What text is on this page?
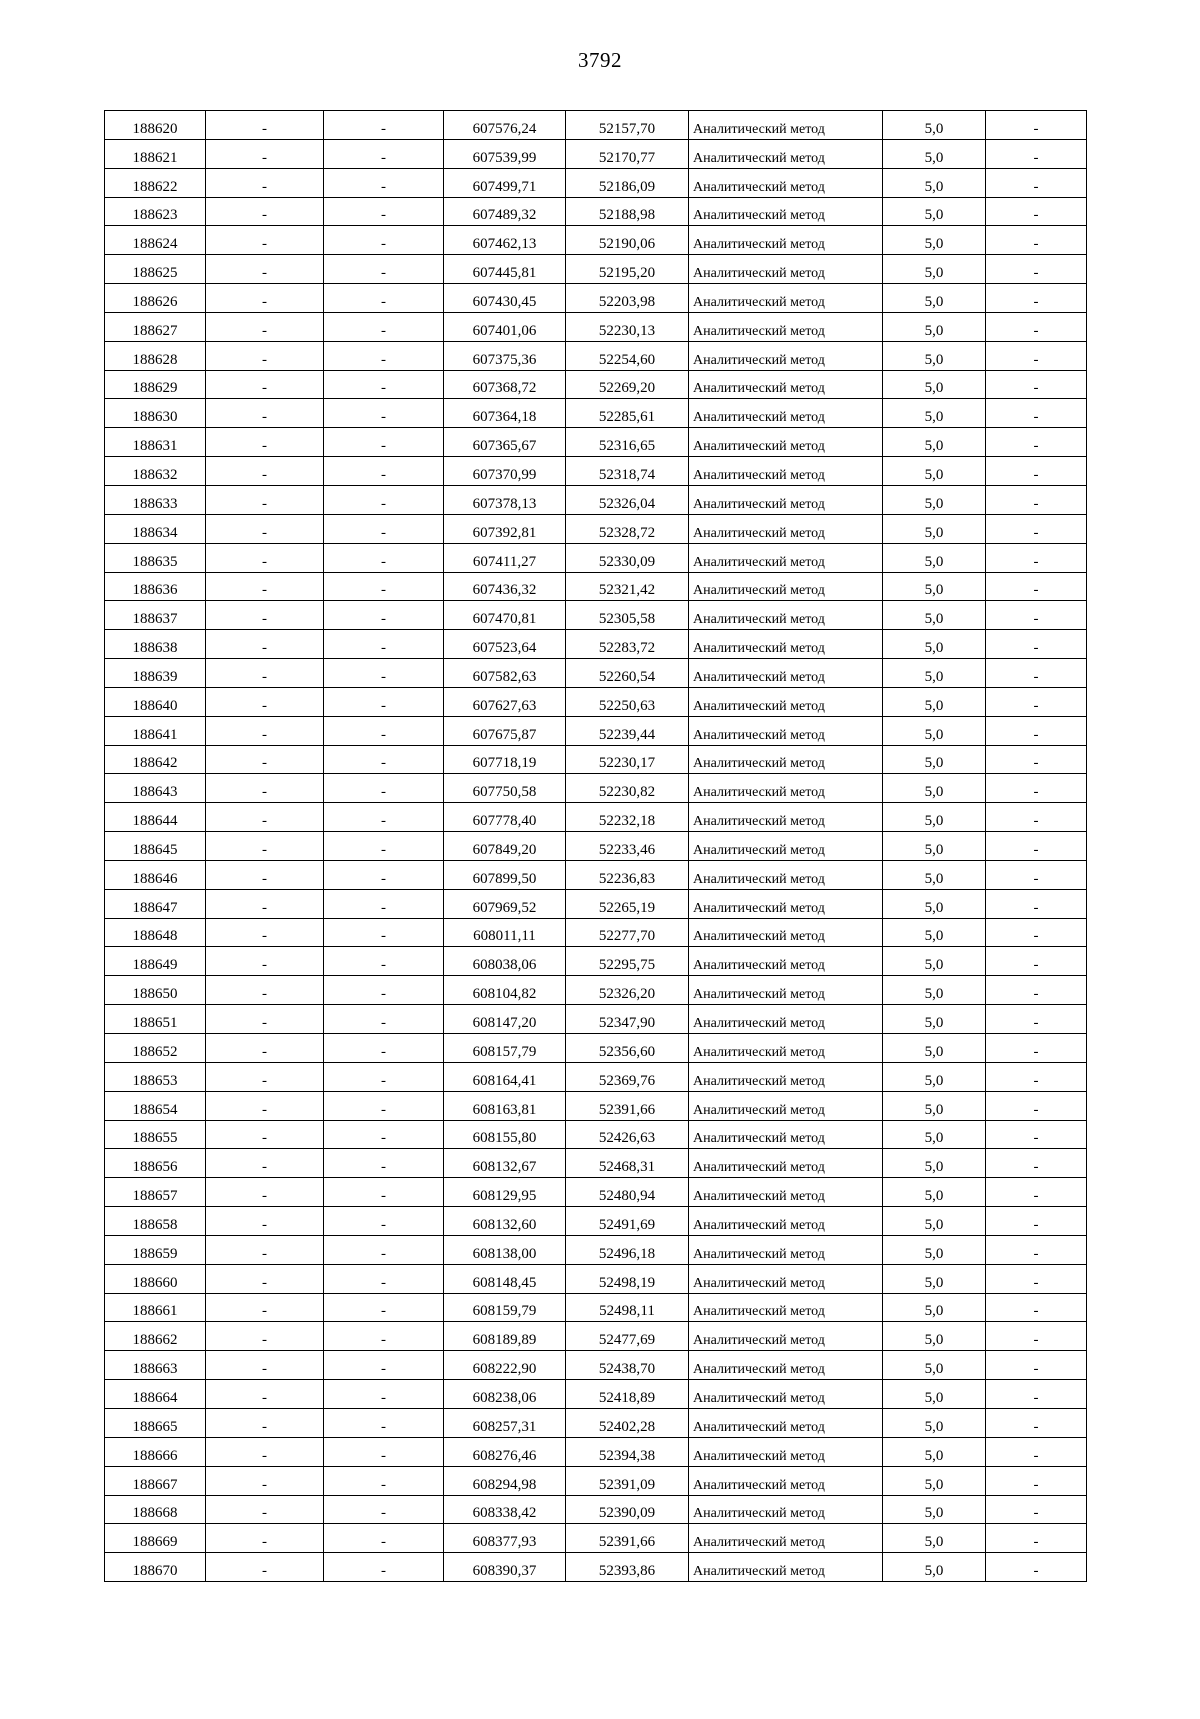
3792
188620	-	-	607576,24	52157,70	Аналитический метод	5,0	-
188621	-	-	607539,99	52170,77	Аналитический метод	5,0	-
188622	-	-	607499,71	52186,09	Аналитический метод	5,0	-
188623	-	-	607489,32	52188,98	Аналитический метод	5,0	-
188624	-	-	607462,13	52190,06	Аналитический метод	5,0	-
188625	-	-	607445,81	52195,20	Аналитический метод	5,0	-
188626	-	-	607430,45	52203,98	Аналитический метод	5,0	-
188627	-	-	607401,06	52230,13	Аналитический метод	5,0	-
188628	-	-	607375,36	52254,60	Аналитический метод	5,0	-
188629	-	-	607368,72	52269,20	Аналитический метод	5,0	-
188630	-	-	607364,18	52285,61	Аналитический метод	5,0	-
188631	-	-	607365,67	52316,65	Аналитический метод	5,0	-
188632	-	-	607370,99	52318,74	Аналитический метод	5,0	-
188633	-	-	607378,13	52326,04	Аналитический метод	5,0	-
188634	-	-	607392,81	52328,72	Аналитический метод	5,0	-
188635	-	-	607411,27	52330,09	Аналитический метод	5,0	-
188636	-	-	607436,32	52321,42	Аналитический метод	5,0	-
188637	-	-	607470,81	52305,58	Аналитический метод	5,0	-
188638	-	-	607523,64	52283,72	Аналитический метод	5,0	-
188639	-	-	607582,63	52260,54	Аналитический метод	5,0	-
188640	-	-	607627,63	52250,63	Аналитический метод	5,0	-
188641	-	-	607675,87	52239,44	Аналитический метод	5,0	-
188642	-	-	607718,19	52230,17	Аналитический метод	5,0	-
188643	-	-	607750,58	52230,82	Аналитический метод	5,0	-
188644	-	-	607778,40	52232,18	Аналитический метод	5,0	-
188645	-	-	607849,20	52233,46	Аналитический метод	5,0	-
188646	-	-	607899,50	52236,83	Аналитический метод	5,0	-
188647	-	-	607969,52	52265,19	Аналитический метод	5,0	-
188648	-	-	608011,11	52277,70	Аналитический метод	5,0	-
188649	-	-	608038,06	52295,75	Аналитический метод	5,0	-
188650	-	-	608104,82	52326,20	Аналитический метод	5,0	-
188651	-	-	608147,20	52347,90	Аналитический метод	5,0	-
188652	-	-	608157,79	52356,60	Аналитический метод	5,0	-
188653	-	-	608164,41	52369,76	Аналитический метод	5,0	-
188654	-	-	608163,81	52391,66	Аналитический метод	5,0	-
188655	-	-	608155,80	52426,63	Аналитический метод	5,0	-
188656	-	-	608132,67	52468,31	Аналитический метод	5,0	-
188657	-	-	608129,95	52480,94	Аналитический метод	5,0	-
188658	-	-	608132,60	52491,69	Аналитический метод	5,0	-
188659	-	-	608138,00	52496,18	Аналитический метод	5,0	-
188660	-	-	608148,45	52498,19	Аналитический метод	5,0	-
188661	-	-	608159,79	52498,11	Аналитический метод	5,0	-
188662	-	-	608189,89	52477,69	Аналитический метод	5,0	-
188663	-	-	608222,90	52438,70	Аналитический метод	5,0	-
188664	-	-	608238,06	52418,89	Аналитический метод	5,0	-
188665	-	-	608257,31	52402,28	Аналитический метод	5,0	-
188666	-	-	608276,46	52394,38	Аналитический метод	5,0	-
188667	-	-	608294,98	52391,09	Аналитический метод	5,0	-
188668	-	-	608338,42	52390,09	Аналитический метод	5,0	-
188669	-	-	608377,93	52391,66	Аналитический метод	5,0	-
188670	-	-	608390,37	52393,86	Аналитический метод	5,0	-
